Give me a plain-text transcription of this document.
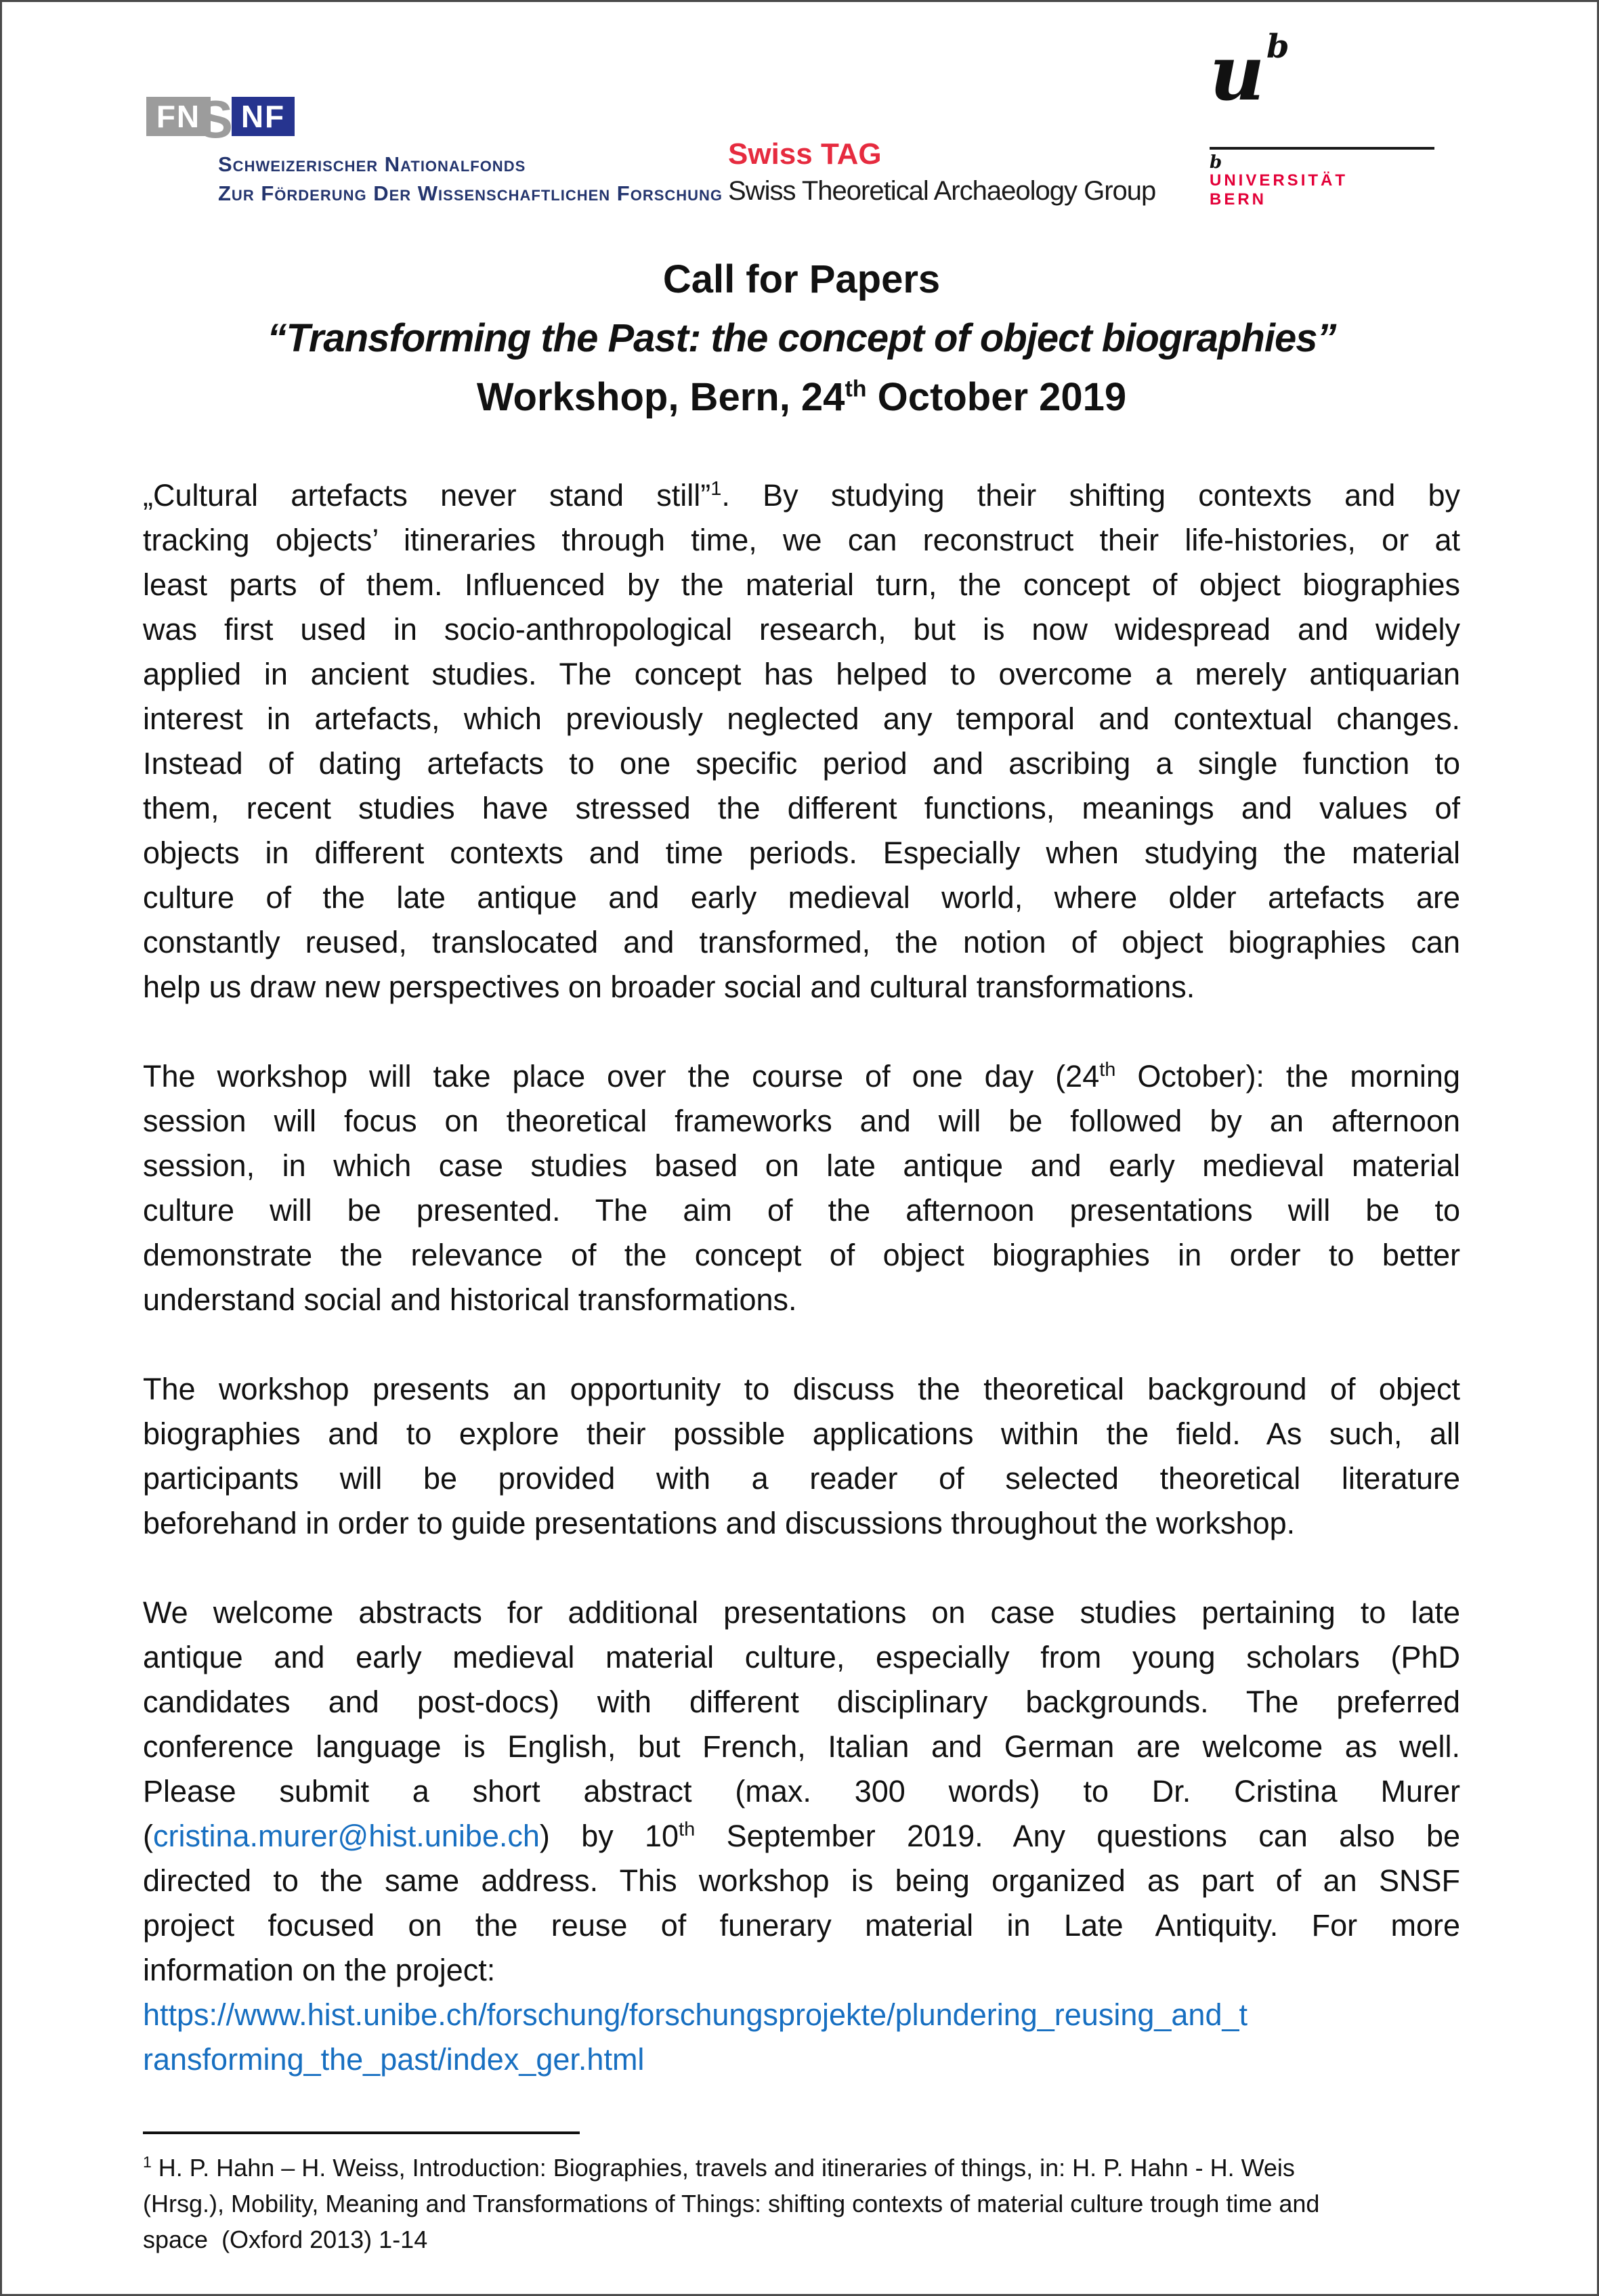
FN NF
S
Schweizerischer Nationalfonds
Zur Förderung Der Wissenschaftlichen Forschung
Swiss TAG
Swiss Theoretical Archaeology Group
u b
b
UNIVERSITÄT
BERN
Call for Papers
“Transforming the Past: the concept of object biographies”
Workshop, Bern, 24th October 2019
„Cultural artefacts never stand still”$^1$. By studying their shifting contexts and by
tracking objects’ itineraries through time, we can reconstruct their life-histories, or at
least parts of them. Influenced by the material turn, the concept of object biographies
was first used in socio-anthropological research, but is now widespread and widely
applied in ancient studies. The concept has helped to overcome a merely antiquarian
interest in artefacts, which previously neglected any temporal and contextual changes.
Instead of dating artefacts to one specific period and ascribing a single function to
them, recent studies have stressed the different functions, meanings and values of
objects in different contexts and time periods. Especially when studying the material
culture of the late antique and early medieval world, where older artefacts are
constantly reused, translocated and transformed, the notion of object biographies can
help us draw new perspectives on broader social and cultural transformations.
The workshop will take place over the course of one day (24th October): the morning
session will focus on theoretical frameworks and will be followed by an afternoon
session, in which case studies based on late antique and early medieval material
culture will be presented. The aim of the afternoon presentations will be to
demonstrate the relevance of the concept of object biographies in order to better
understand social and historical transformations.
The workshop presents an opportunity to discuss the theoretical background of object
biographies and to explore their possible applications within the field. As such, all
participants will be provided with a reader of selected theoretical literature
beforehand in order to guide presentations and discussions throughout the workshop.
We welcome abstracts for additional presentations on case studies pertaining to late
antique and early medieval material culture, especially from young scholars (PhD
candidates and post-docs) with different disciplinary backgrounds. The preferred
conference language is English, but French, Italian and German are welcome as well.
Please submit a short abstract (max. 300 words) to Dr. Cristina Murer
(cristina.murer@hist.unibe.ch) by 10th September 2019. Any questions can also be
directed to the same address. This workshop is being organized as part of an SNSF
project focused on the reuse of funerary material in Late Antiquity. For more
information on the project:
https://www.hist.unibe.ch/forschung/forschungsprojekte/plundering_reusing_and_t
ransforming_the_past/index_ger.html
$^1$ H. P. Hahn – H. Weiss, Introduction: Biographies, travels and itineraries of things, in: H. P. Hahn - H. Weis
(Hrsg.), Mobility, Meaning and Transformations of Things: shifting contexts of material culture trough time and
space  (Oxford 2013) 1-14
